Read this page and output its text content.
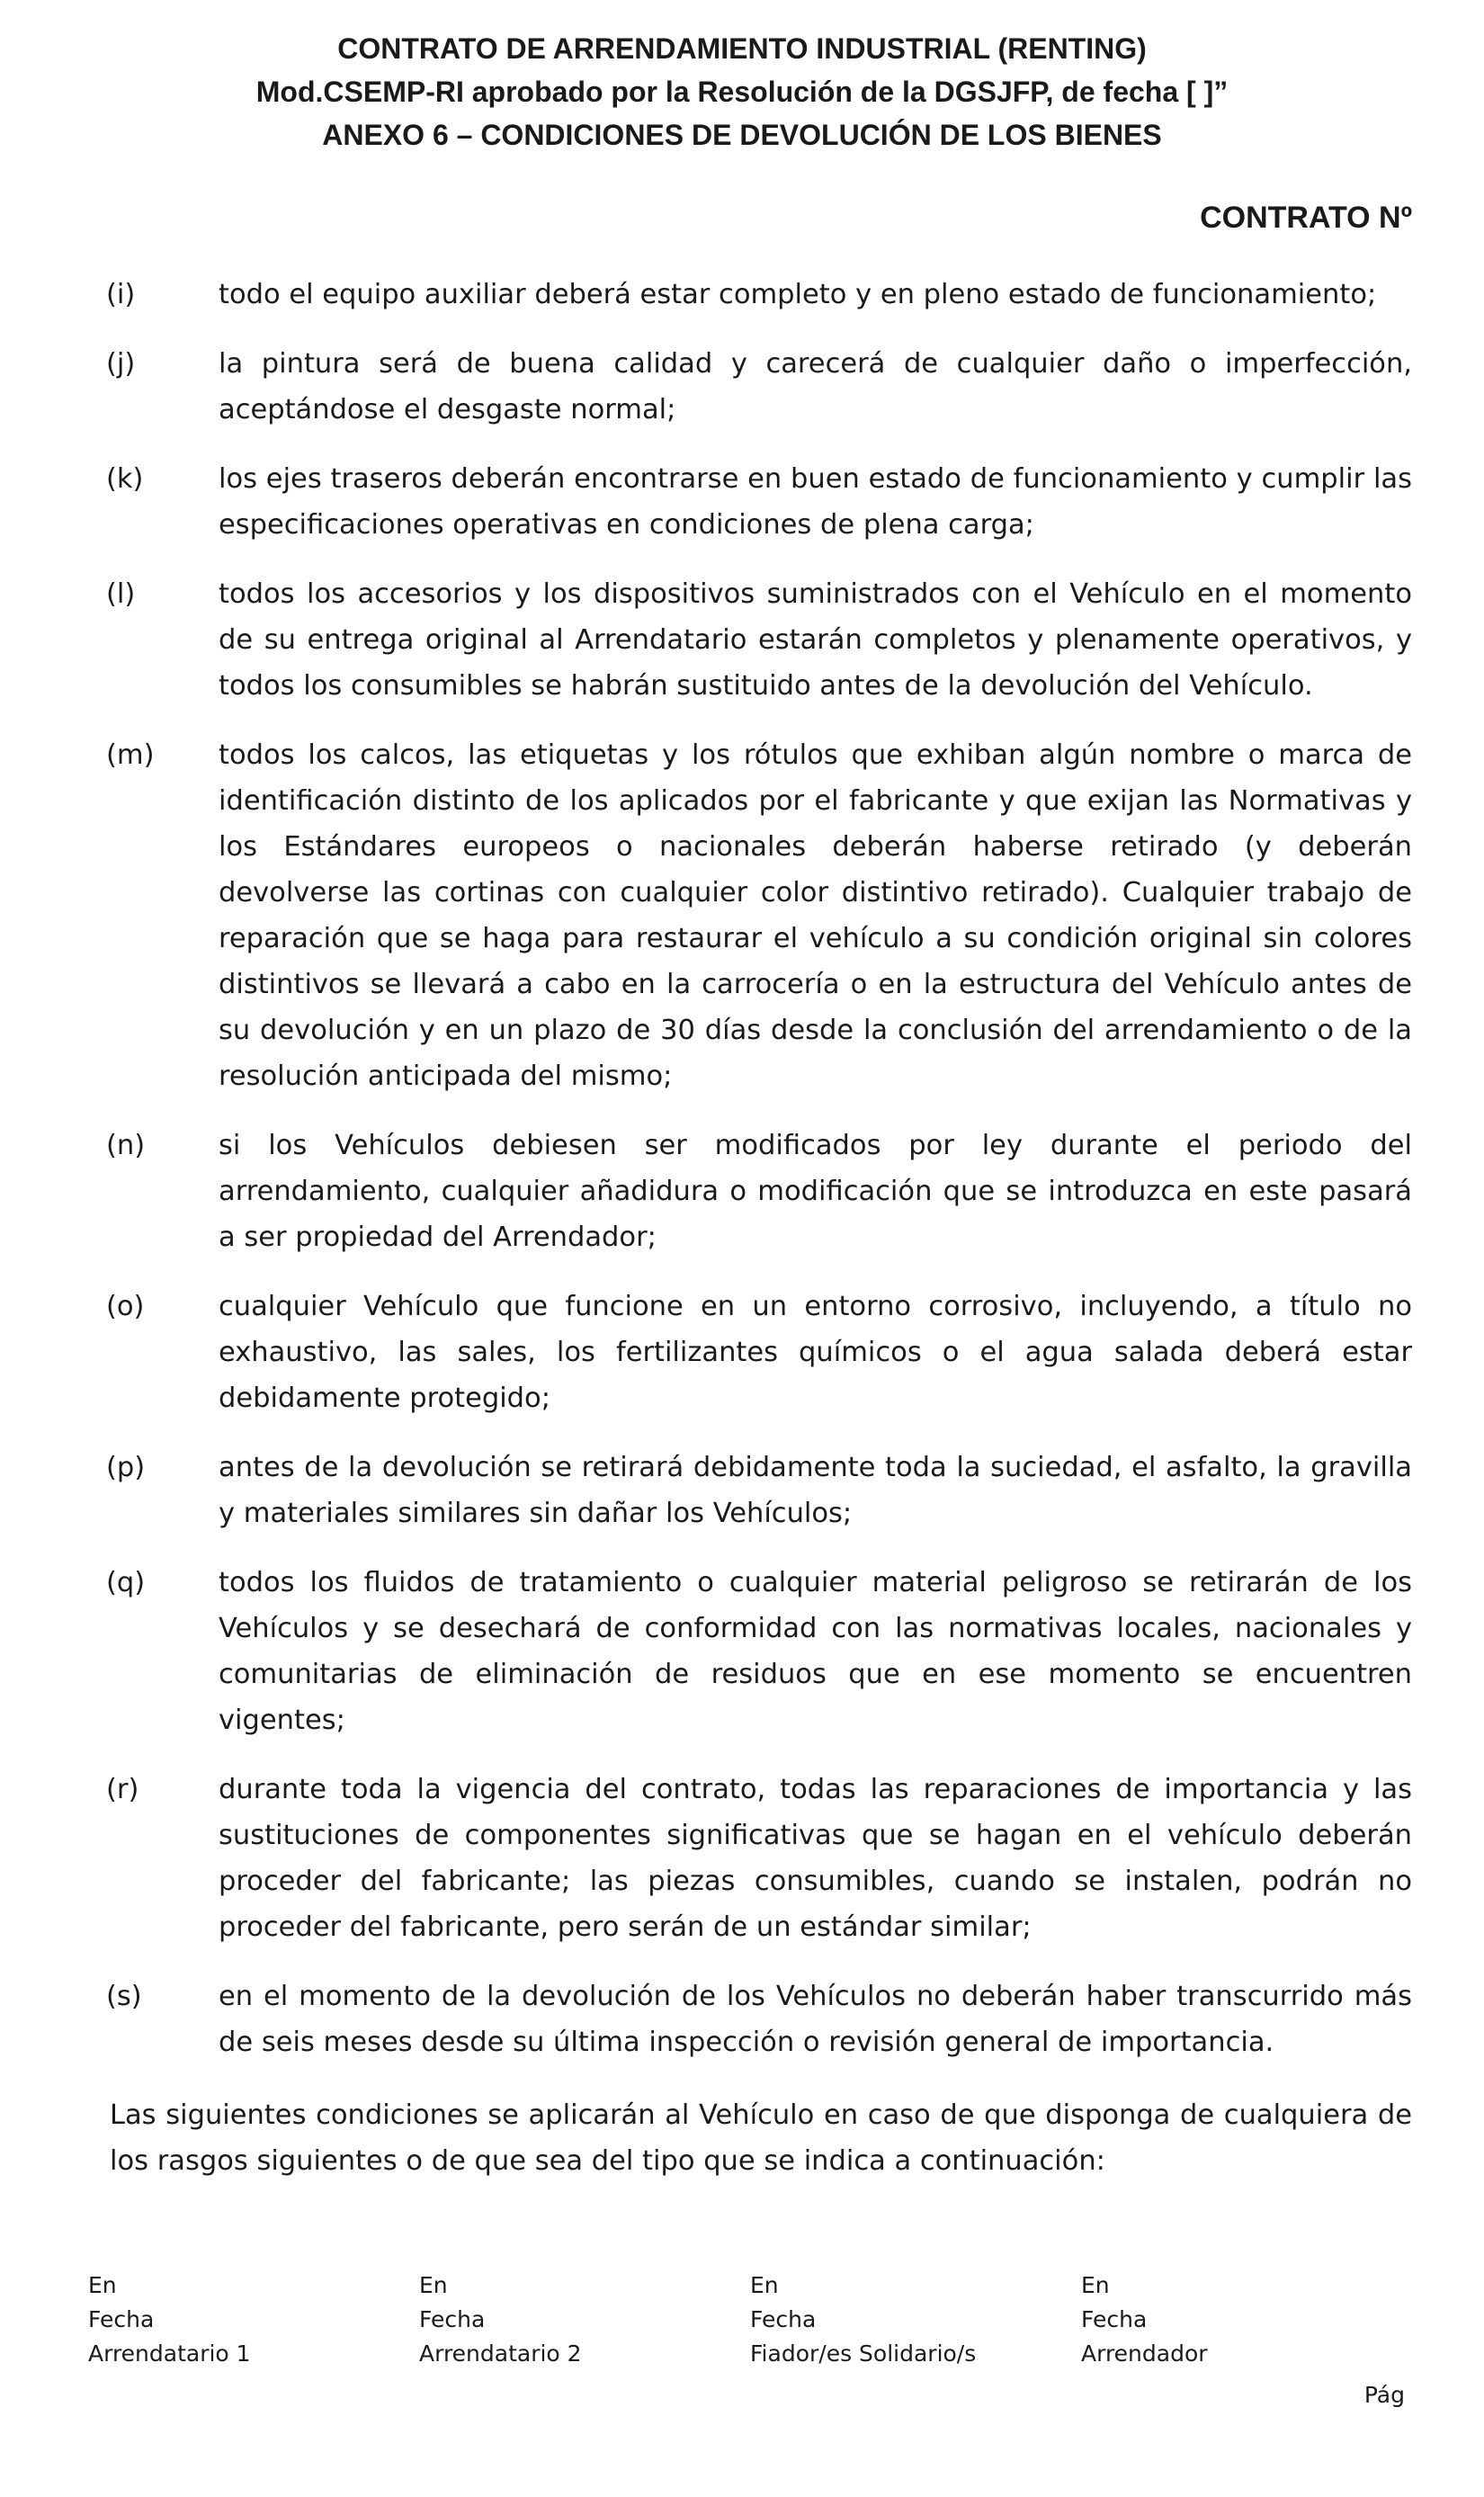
CONTRATO DE ARRENDAMIENTO INDUSTRIAL (RENTING)
Mod.CSEMP-RI aprobado por la Resolución de la DGSJFP, de fecha [ ]”
ANEXO 6 – CONDICIONES DE DEVOLUCIÓN DE LOS BIENES
CONTRATO Nº
(i)	todo el equipo auxiliar deberá estar completo y en pleno estado de funcionamiento;
(j)	la pintura será de buena calidad y carecerá de cualquier daño o imperfección, aceptándose el desgaste normal;
(k)	los ejes traseros deberán encontrarse en buen estado de funcionamiento y cumplir las especificaciones operativas en condiciones de plena carga;
(l)	todos los accesorios y los dispositivos suministrados con el Vehículo en el momento de su entrega original al Arrendatario estarán completos y plenamente operativos, y todos los consumibles se habrán sustituido antes de la devolución del Vehículo.
(m)	todos los calcos, las etiquetas y los rótulos que exhiban algún nombre o marca de identificación distinto de los aplicados por el fabricante y que exijan las Normativas y los Estándares europeos o nacionales deberán haberse retirado (y deberán devolverse las cortinas con cualquier color distintivo retirado). Cualquier trabajo de reparación que se haga para restaurar el vehículo a su condición original sin colores distintivos se llevará a cabo en la carrocería o en la estructura del Vehículo antes de su devolución y en un plazo de 30 días desde la conclusión del arrendamiento o de la resolución anticipada del mismo;
(n)	si los Vehículos debiesen ser modificados por ley durante el periodo del arrendamiento, cualquier añadidura o modificación que se introduzca en este pasará a ser propiedad del Arrendador;
(o)	cualquier Vehículo que funcione en un entorno corrosivo, incluyendo, a título no exhaustivo, las sales, los fertilizantes químicos o el agua salada deberá estar debidamente protegido;
(p)	antes de la devolución se retirará debidamente toda la suciedad, el asfalto, la gravilla y materiales similares sin dañar los Vehículos;
(q)	todos los fluidos de tratamiento o cualquier material peligroso se retirarán de los Vehículos y se desechará de conformidad con las normativas locales, nacionales y comunitarias de eliminación de residuos que en ese momento se encuentren vigentes;
(r)	durante toda la vigencia del contrato, todas las reparaciones de importancia y las sustituciones de componentes significativas que se hagan en el vehículo deberán proceder del fabricante; las piezas consumibles, cuando se instalen, podrán no proceder del fabricante, pero serán de un estándar similar;
(s)	en el momento de la devolución de los Vehículos no deberán haber transcurrido más de seis meses desde su última inspección o revisión general de importancia.
Las siguientes condiciones se aplicarán al Vehículo en caso de que disponga de cualquiera de los rasgos siguientes o de que sea del tipo que se indica a continuación:
En
Fecha
Arrendatario 1
En
Fecha
Arrendatario 2
En
Fecha
Fiador/es Solidario/s
En
Fecha
Arrendador
Pág
